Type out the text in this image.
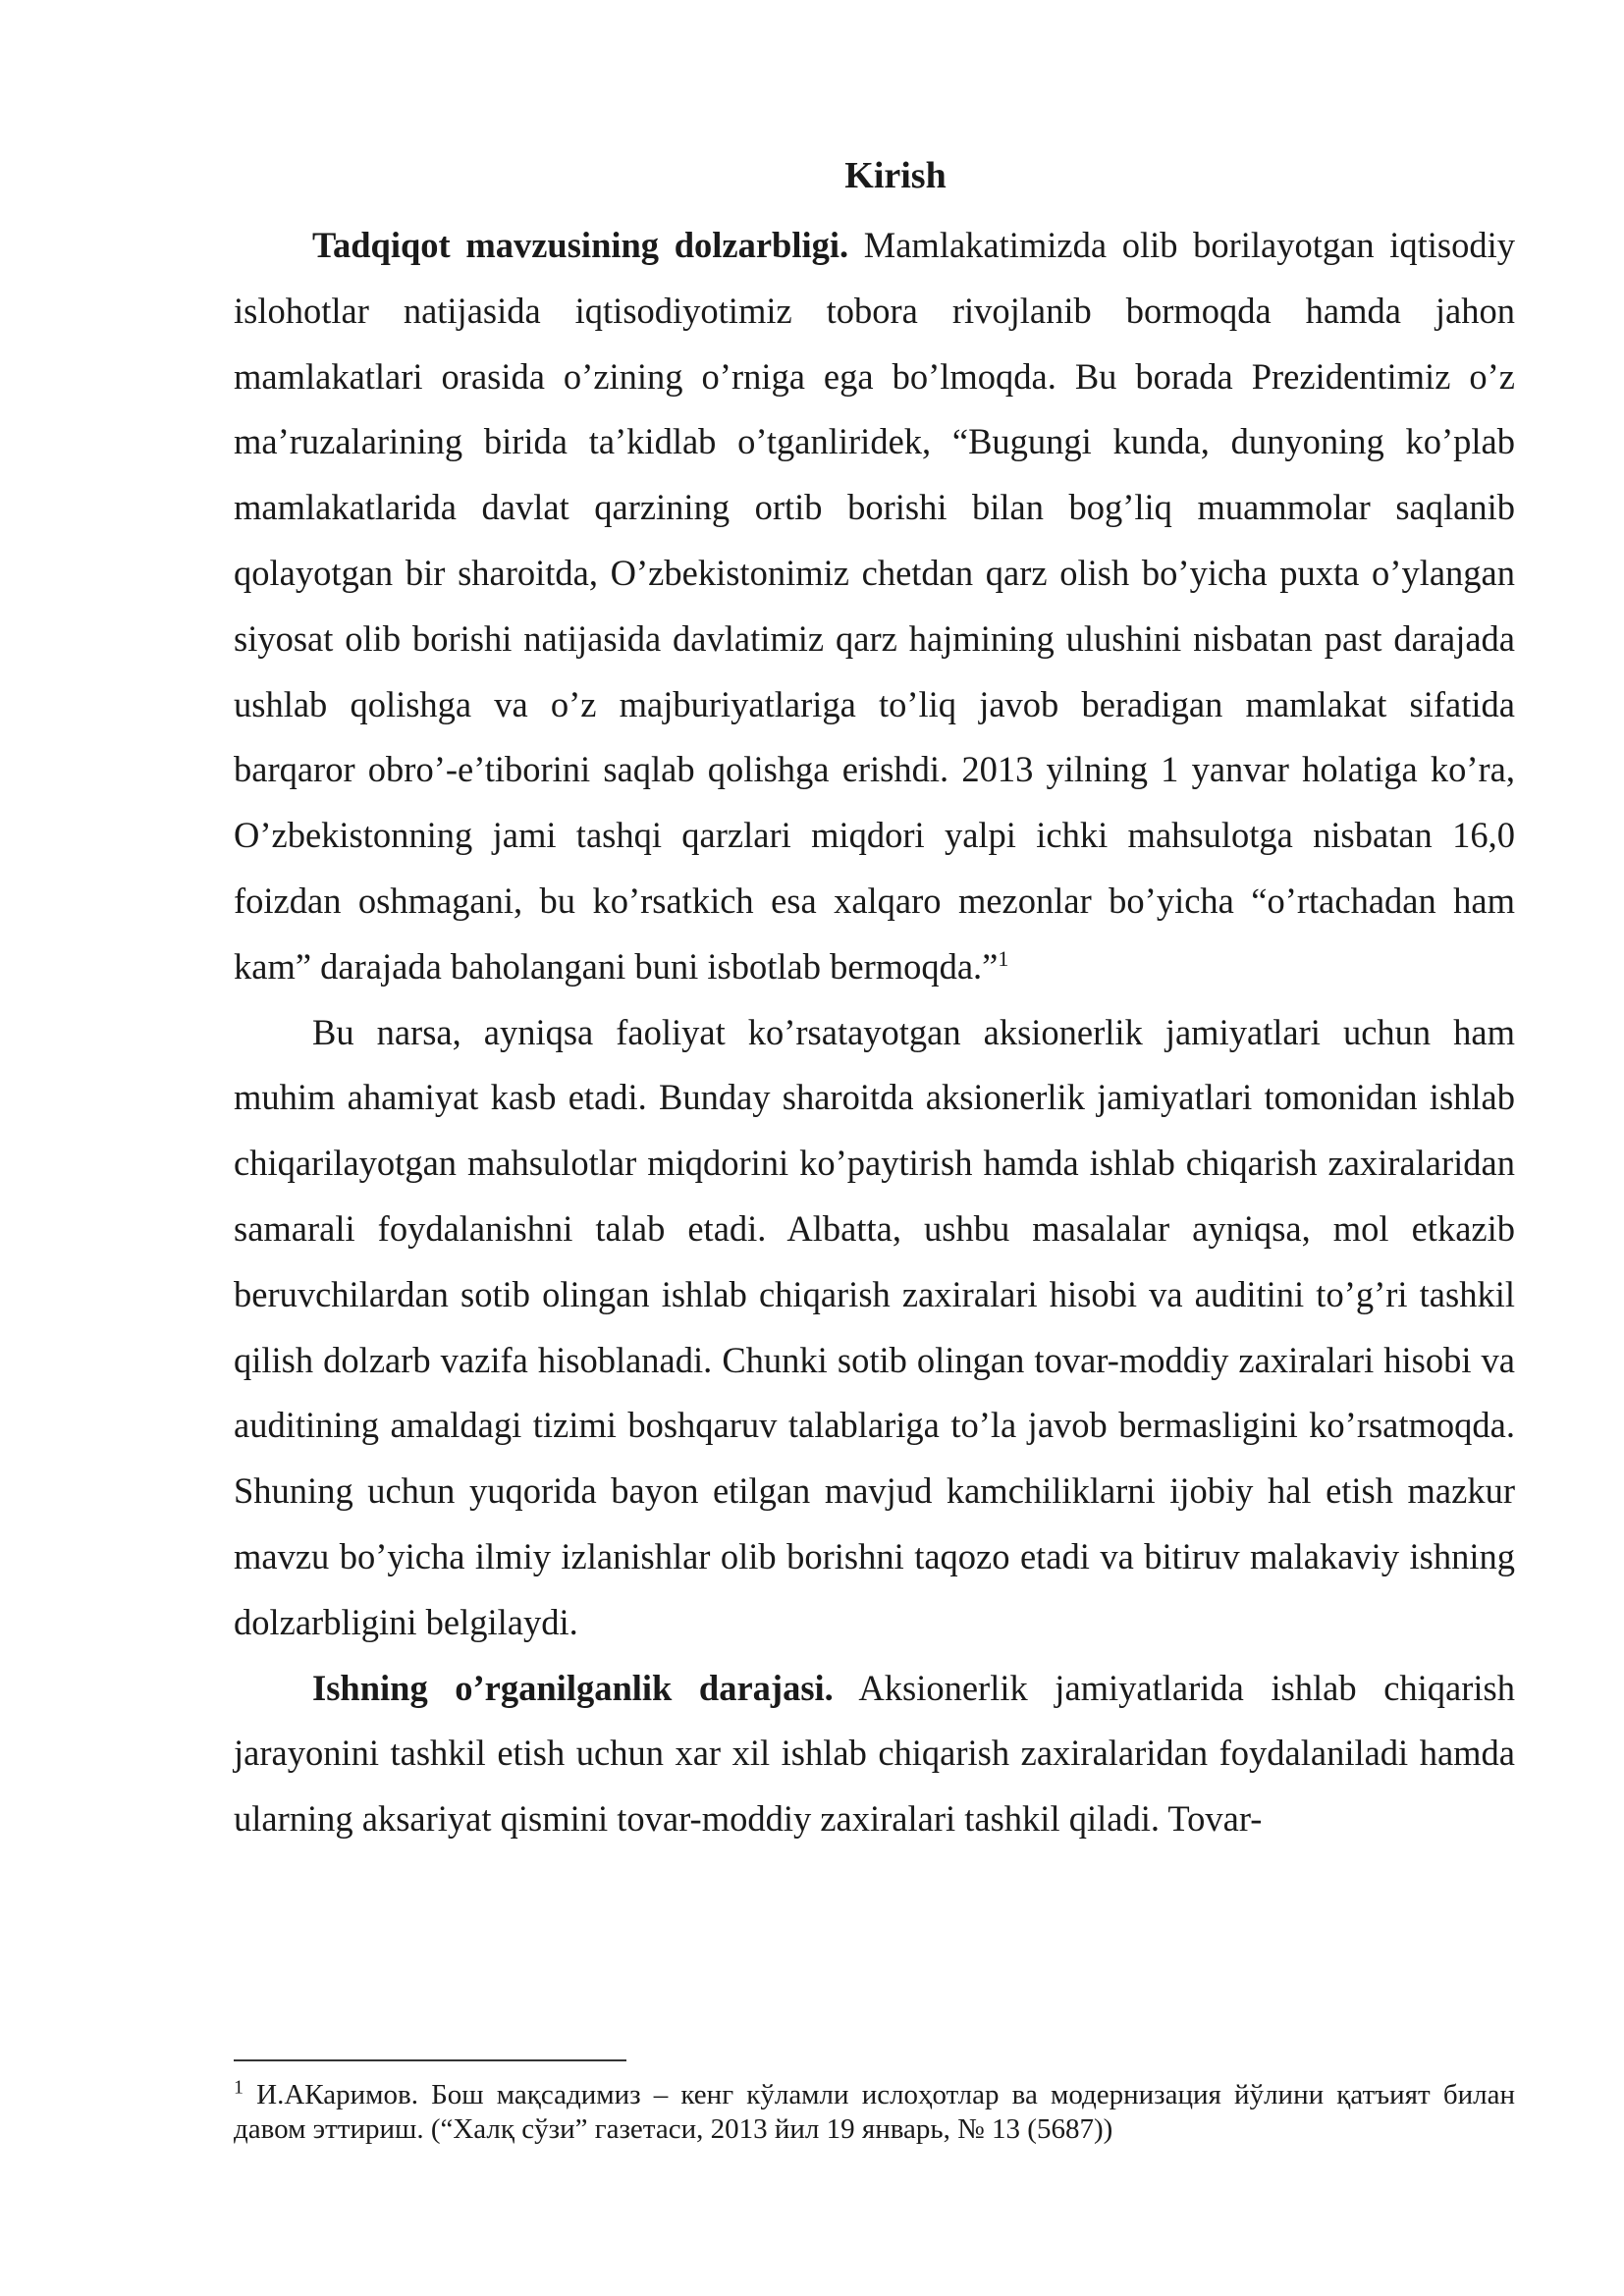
Kirish

Tadqiqot mavzusining dolzarbligi. Mamlakatimizda olib borilayotgan iqtisodiy islohotlar natijasida iqtisodiyotimiz tobora rivojlanib bormoqda hamda jahon mamlakatlari orasida o’zining o’rniga ega bo’lmoqda. Bu borada Prezidentimiz o’z ma’ruzalarining birida ta’kidlab o’tganliridek, “Bugungi kunda, dunyoning ko’plab mamlakatlarida davlat qarzining ortib borishi bilan bog’liq muammolar saqlanib qolayotgan bir sharoitda, O’zbekistonimiz chetdan qarz olish bo’yicha puxta o’ylangan siyosat olib borishi natijasida davlatimiz qarz hajmining ulushini nisbatan past darajada ushlab qolishga va o’z majburiyatlariga to’liq javob beradigan mamlakat sifatida barqaror obro’-e’tiborini saqlab qolishga erishdi. 2013 yilning 1 yanvar holatiga ko’ra, O’zbekistonning jami tashqi qarzlari miqdori yalpi ichki mahsulotga nisbatan 16,0 foizdan oshmagani, bu ko’rsatkich esa xalqaro mezonlar bo’yicha “o’rtachadan ham kam” darajada baholangani buni isbotlab bermoqda.”$^1$

Bu narsa, ayniqsa faoliyat ko’rsatayotgan aksionerlik jamiyatlari uchun ham muhim ahamiyat kasb etadi. Bunday sharoitda aksionerlik jamiyatlari tomonidan ishlab chiqarilayotgan mahsulotlar miqdorini ko’paytirish hamda ishlab chiqarish zaxiralaridan samarali foydalanishni talab etadi. Albatta, ushbu masalalar ayniqsa, mol etkazib beruvchilardan sotib olingan ishlab chiqarish zaxiralari hisobi va auditini to’g’ri tashkil qilish dolzarb vazifa hisoblanadi. Chunki sotib olingan tovar-moddiy zaxiralari hisobi va auditining amaldagi tizimi boshqaruv talablariga to’la javob bermasligini ko’rsatmoqda. Shuning uchun yuqorida bayon etilgan mavjud kamchiliklarni ijobiy hal etish mazkur mavzu bo’yicha ilmiy izlanishlar olib borishni taqozo etadi va bitiruv malakaviy ishning dolzarbligini belgilaydi.

Ishning o’rganilganlik darajasi. Aksionerlik jamiyatlarida ishlab chiqarish jarayonini tashkil etish uchun xar xil ishlab chiqarish zaxiralaridan foydalaniladi hamda ularning aksariyat qismini tovar-moddiy zaxiralari tashkil qiladi. Tovar-

$^1$ И.АКаримов. Бош мақсадимиз – кенг кўламли ислоҳотлар ва модернизация йўлини қатъият билан давом эттириш. (“Халқ сўзи” газетаси, 2013 йил 19 январь, № 13 (5687))
